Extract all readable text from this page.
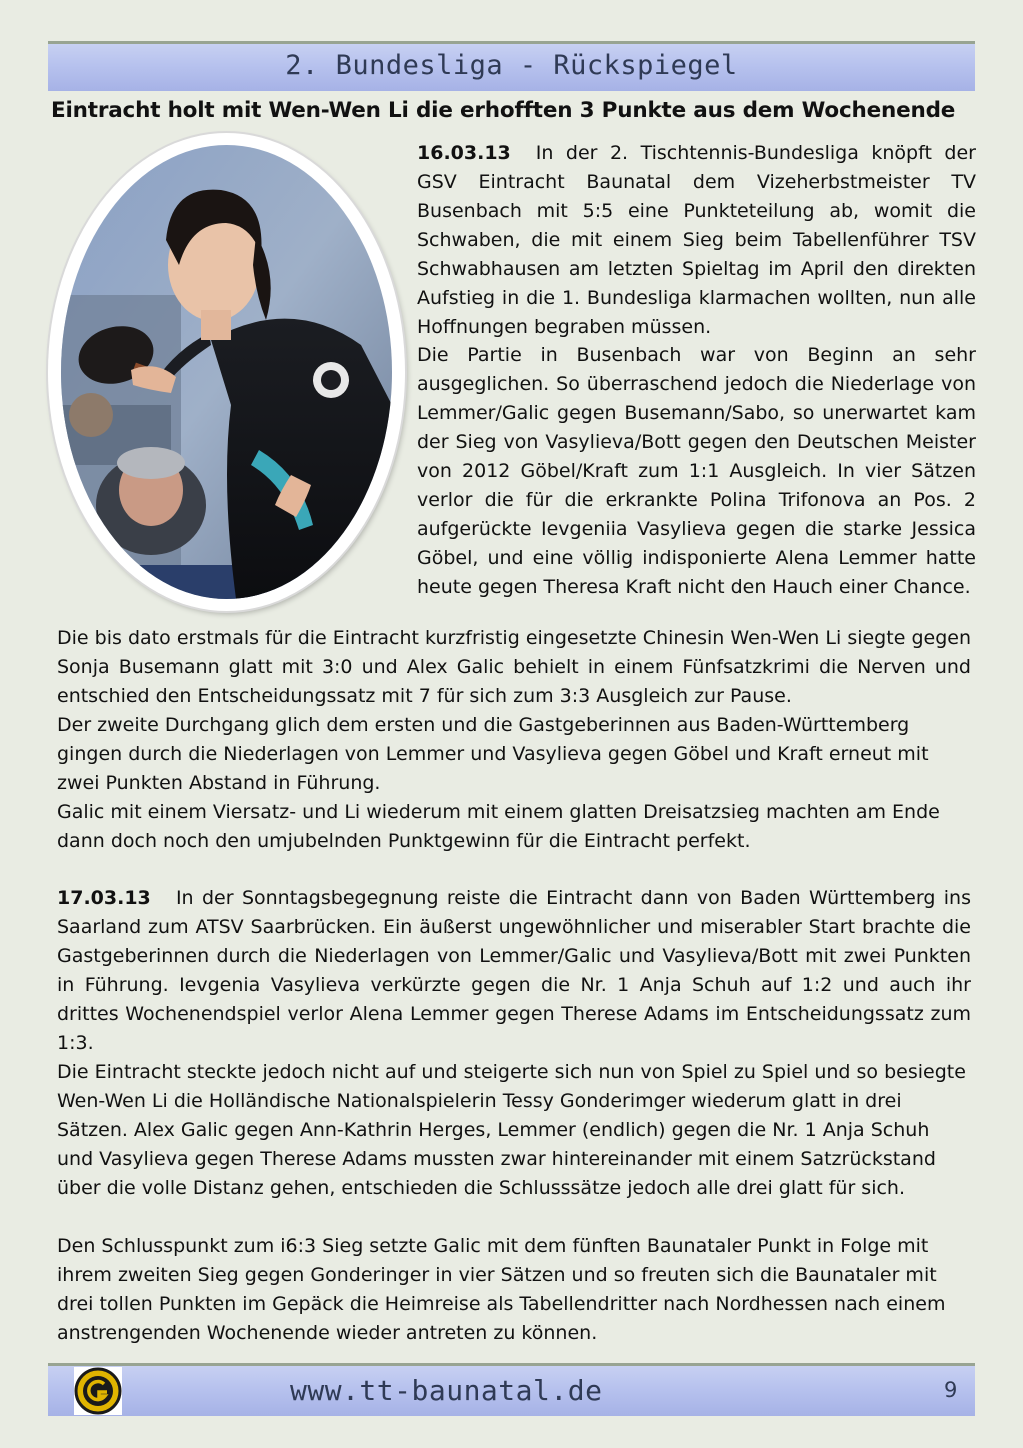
2. Bundesliga - Rückspiegel
Eintracht holt mit Wen-Wen Li die erhofften 3 Punkte aus dem Wochenende

16.03.13 In der 2. Tischtennis-Bundesliga knöpft der GSV Eintracht Baunatal dem Vizeherbstmeister TV Busenbach mit 5:5 eine Punkteteilung ab, womit die Schwaben, die mit einem Sieg beim Tabellenführer TSV Schwabhausen am letzten Spieltag im April den direkten Aufstieg in die 1. Bundesliga klarmachen wollten, nun alle Hoffnungen begraben müssen.

Die Partie in Busenbach war von Beginn an sehr ausgeglichen. So überraschend jedoch die Niederlage von Lemmer/Galic gegen Busemann/Sabo, so unerwartet kam der Sieg von Vasylieva/Bott gegen den Deutschen Meister von 2012 Göbel/Kraft zum 1:1 Ausgleich. In vier Sätzen verlor die für die erkrankte Polina Trifonova an Pos. 2 aufgerückte Ievgeniia Vasylieva gegen die starke Jessica Göbel, und eine völlig indisponierte Alena Lemmer hatte heute gegen Theresa Kraft nicht den Hauch einer Chance.

Die bis dato erstmals für die Eintracht kurzfristig eingesetzte Chinesin Wen-Wen Li siegte gegen Sonja Busemann glatt mit 3:0 und Alex Galic behielt in einem Fünfsatzkrimi die Nerven und entschied den Entscheidungssatz mit 7 für sich zum 3:3 Ausgleich zur Pause.

Der zweite Durchgang glich dem ersten und die Gastgeberinnen aus Baden-Württemberg gingen durch die Niederlagen von Lemmer und Vasylieva gegen Göbel und Kraft erneut mit zwei Punkten Abstand in Führung.

Galic mit einem Viersatz- und Li wiederum mit einem glatten Dreisatzsieg machten am Ende dann doch noch den umjubelnden Punktgewinn für die Eintracht perfekt.

17.03.13 In der Sonntagsbegegnung reiste die Eintracht dann von Baden Württemberg ins Saarland zum ATSV Saarbrücken. Ein äußerst ungewöhnlicher und miserabler Start brachte die Gastgeberinnen durch die Niederlagen von Lemmer/Galic und Vasylieva/Bott mit zwei Punkten in Führung. Ievgenia Vasylieva verkürzte gegen die Nr. 1 Anja Schuh auf 1:2 und auch ihr drittes Wochenendspiel verlor Alena Lemmer gegen Therese Adams im Entscheidungssatz zum 1:3.

Die Eintracht steckte jedoch nicht auf und steigerte sich nun von Spiel zu Spiel und so besiegte Wen-Wen Li die Holländische Nationalspielerin Tessy Gonderimger wiederum glatt in drei Sätzen. Alex Galic gegen Ann-Kathrin Herges, Lemmer (endlich) gegen die Nr. 1 Anja Schuh und Vasylieva gegen Therese Adams mussten zwar hintereinander mit einem Satzrückstand über die volle Distanz gehen, entschieden die Schlusssätze jedoch alle drei glatt für sich.

Den Schlusspunkt zum i6:3 Sieg setzte Galic mit dem fünften Baunataler Punkt in Folge mit ihrem zweiten Sieg gegen Gonderinger in vier Sätzen und so freuten sich die Baunataler mit drei tollen Punkten im Gepäck die Heimreise als Tabellendritter nach Nordhessen nach einem anstrengenden Wochenende wieder antreten zu können.

www.tt-baunatal.de	9
